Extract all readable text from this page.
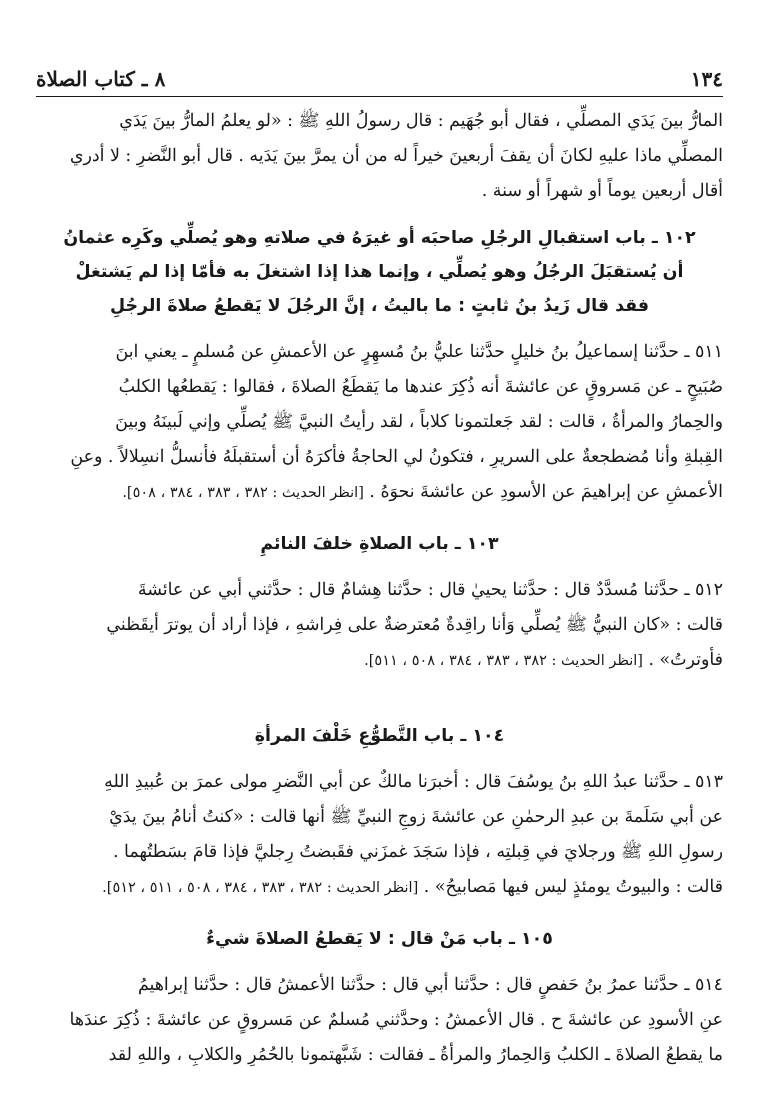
٨ ـ كتاب الصلاة	١٣٤

المارُّ بينَ يَدَي المصلِّي ، فقال أبو جُهَيم : قال رسولُ اللهِ ﷺ : «لو يعلمُ المارُّ بينَ يَدَي

المصلِّي ماذا عليهِ لكانَ أن يقفَ أربعينَ خيراً له من أن يمرَّ بينَ يَدَيه . قال أبو النَّضرِ : لا أدري

أقال أربعين يوماً أو شهراً أو سنة .

١٠٢ ـ باب استقبالِ الرجُلِ صاحبَه أو غيرَهُ في صلاتهِ وهو يُصلِّي وكَرِه عثمانُ
أن يُستقبَلَ الرجُلُ وهو يُصلِّي ، وإنما هذا إذا اشتغلَ به فأمّا إذا لم يَشتغلْ
فقد قال زَيدُ بنُ ثابتٍ : ما باليتُ ، إنَّ الرجُلَ لا يَقطعُ صلاةَ الرجُلِ

٥١١ ـ حدَّثنا إسماعيلُ بنُ خليلٍ حدَّثنا عليُّ بنُ مُسهِرٍ عن الأعمشِ عن مُسلمٍ ـ يعني ابنَ

صُبَيحٍ ـ عن مَسروقٍ عن عائشةَ أنه ذُكِرَ عندها ما يَقطَعُ الصلاةَ ، فقالوا : يَقطعُها الكلبُ

والحِمارُ والمرأةُ ، قالت : لقد جَعلتمونا كلاباً ، لقد رأيتُ النبيَّ ﷺ يُصلِّي وإني لَبينَهُ وبينَ

القِبلةِ وأنا مُضطجعةٌ على السريرِ ، فتكونُ لي الحاجةُ فأكرَهُ أن أستقبلَهُ فأنسلُّ انسِلالاً . وعنِ

الأعمشِ عن إبراهيمَ عن الأسودِ عن عائشةَ نحوَهُ . [انظر الحديث : ٣٨٢ ، ٣٨٣ ، ٣٨٤ ، ٥٠٨].

١٠٣ ـ باب الصلاةِ خلفَ النائمِ

٥١٢ ـ حدَّثنا مُسدَّدٌ قال : حدَّثنا يحييٰ قال : حدَّثنا هِشامٌ قال : حدَّثني أبي عن عائشةَ

قالت : «كان النبيُّ ﷺ يُصلِّي وَأنا راقِدةٌ مُعترضةٌ على فِراشهِ ، فإذا أراد أن يوترَ أيقَظني

فأوترتُ» . [انظر الحديث : ٣٨٢ ، ٣٨٣ ، ٣٨٤ ، ٥٠٨ ، ٥١١].

١٠٤ ـ باب التَّطوُّعِ خَلْفَ المرأةِ

٥١٣ ـ حدَّثنا عبدُ اللهِ بنُ يوسُفَ قال : أخبرَنا مالكٌ عن أبي النَّضرِ مولى عمرَ بن عُبيدِ اللهِ

عن أبي سَلَمةَ بن عبدِ الرحمٰنِ عن عائشةَ زوجِ النبيِّ ﷺ أنها قالت : «كنتُ أنامُ بينَ يدَيْ

رسولِ اللهِ ﷺ ورجلايَ في قِبلتِه ، فإذا سَجَدَ غمزَني فقَبضتُ رِجليَّ فإذا قامَ بسَطتُهما .

قالت : والبيوتُ يومئذٍ ليس فيها مَصابيحُ» . [انظر الحديث : ٣٨٢ ، ٣٨٣ ، ٣٨٤ ، ٥٠٨ ، ٥١١ ، ٥١٢].

١٠٥ ـ باب مَنْ قال : لا يَقطعُ الصلاةَ شيءٌ

٥١٤ ـ حدَّثنا عمرُ بنُ حَفصٍ قال : حدَّثنا أبي قال : حدَّثنا الأعمشُ قال : حدَّثنا إبراهيمُ

عنِ الأسودِ عن عائشةَ ح . قال الأعمشُ : وحدَّثني مُسلمٌ عن مَسروقٍ عن عائشةَ : ذُكِرَ عندَها

ما يقطعُ الصلاةَ ـ الكلبُ وَالحِمارُ والمرأةُ ـ فقالت : شَبَّهتمونا بالحُمُرِ والكلابِ ، واللهِ لقد
